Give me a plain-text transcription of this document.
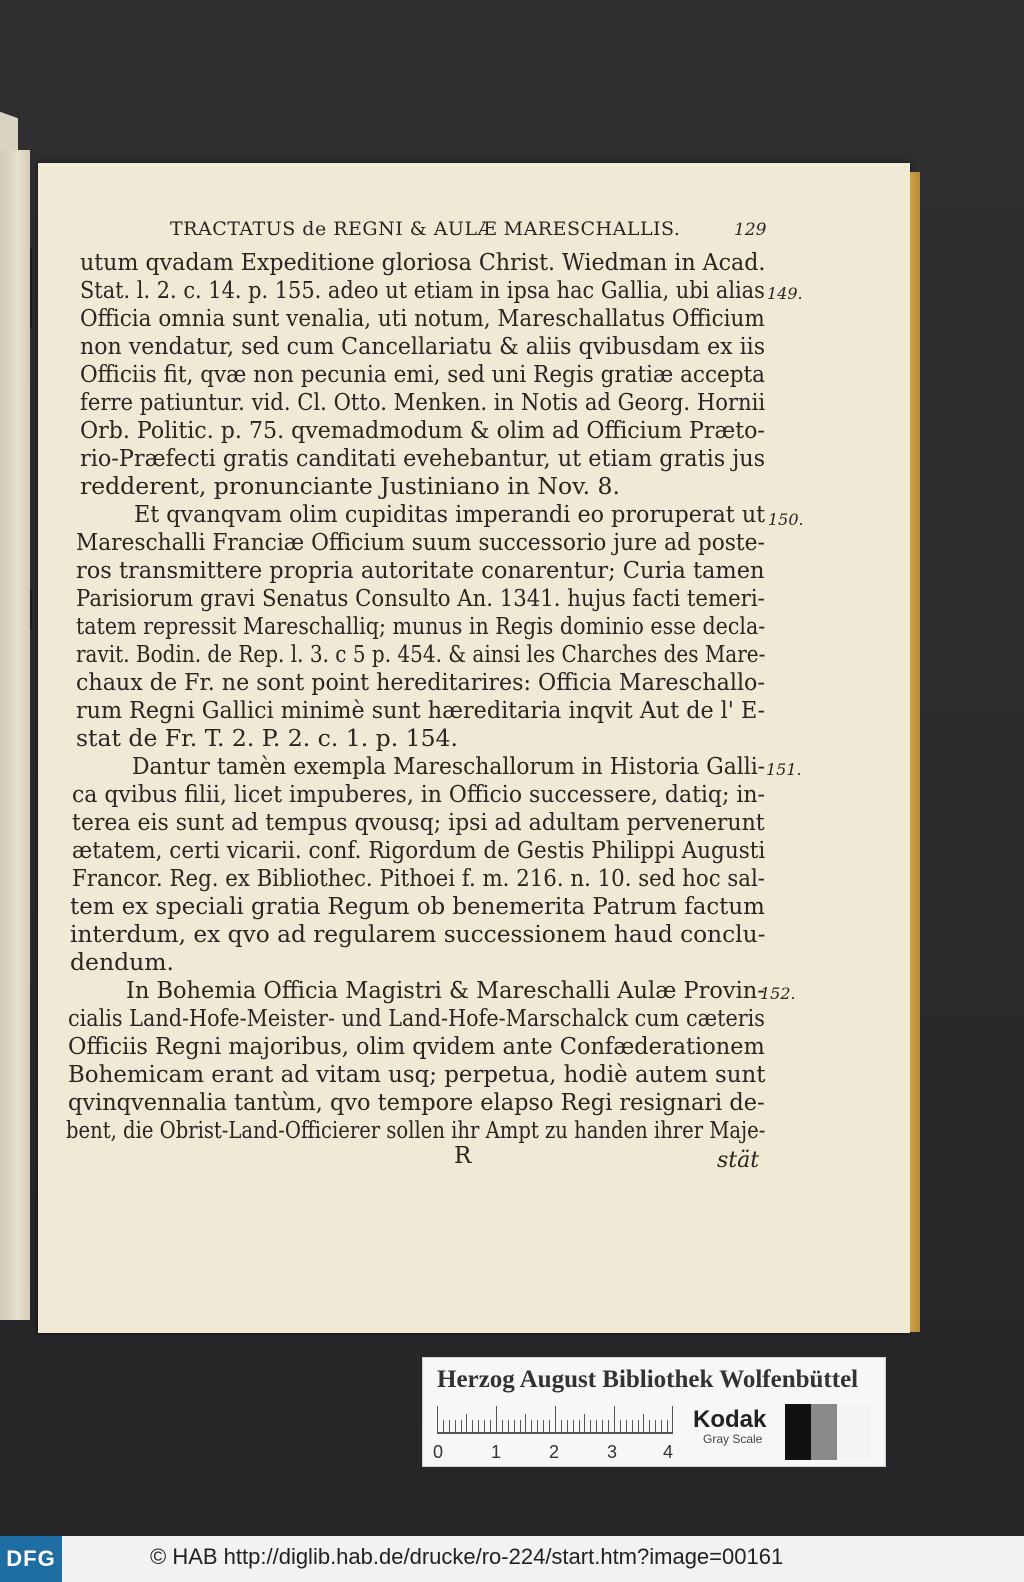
TRACTATUS de REGNI & AULÆ MARESCHALLIS.	129
utum qvadam Expeditione gloriosa Christ. Wiedman in Acad.
Stat. l. 2. c. 14. p. 155. adeo ut etiam in ipsa hac Gallia, ubi alias
Officia omnia sunt venalia, uti notum, Mareschallatus Officium
non vendatur, sed cum Cancellariatu & aliis qvibusdam ex iis
Officiis fit, qvæ non pecunia emi, sed uni Regis gratiæ accepta
ferre patiuntur. vid. Cl. Otto. Menken. in Notis ad Georg. Hornii
Orb. Politic. p. 75. qvemadmodum & olim ad Officium Præto-
rio-Præfecti gratis canditati evehebantur, ut etiam gratis jus
redderent, pronunciante Justiniano in Nov. 8.
Et qvanqvam olim cupiditas imperandi eo proruperat ut
Mareschalli Franciæ Officium suum successorio jure ad poste-
ros transmittere propria autoritate conarentur; Curia tamen
Parisiorum gravi Senatus Consulto An. 1341. hujus facti temeri-
tatem repressit Mareschalliq; munus in Regis dominio esse decla-
ravit. Bodin. de Rep. l. 3. c 5 p. 454. & ainsi les Charches des Mare-
chaux de Fr. ne sont point hereditarires: Officia Mareschallo-
rum Regni Gallici minimè sunt hæreditaria inqvit Aut de l' E-
stat de Fr. T. 2. P. 2. c. 1. p. 154.
Dantur tamèn exempla Mareschallorum in Historia Galli-
ca qvibus filii, licet impuberes, in Officio successere, datiq; in-
terea eis sunt ad tempus qvousq; ipsi ad adultam pervenerunt
ætatem, certi vicarii. conf. Rigordum de Gestis Philippi Augusti
Francor. Reg. ex Bibliothec. Pithoei f. m. 216. n. 10. sed hoc sal-
tem ex speciali gratia Regum ob benemerita Patrum factum
interdum, ex qvo ad regularem successionem haud conclu-
dendum.
In Bohemia Officia Magistri & Mareschalli Aulæ Provin-
cialis Land-Hofe-Meister- und Land-Hofe-Marschalck cum cæteris
Officiis Regni majoribus, olim qvidem ante Confæderationem
Bohemicam erant ad vitam usq; perpetua, hodiè autem sunt
qvinqvennalia tantùm, qvo tempore elapso Regi resignari de-
bent, die Obrist-Land-Officierer sollen ihr Ampt zu handen ihrer Maje-
149.
150.
151.
152.
R	stät
Herzog August Bibliothek Wolfenbüttel
0	1	2	3	4
Kodak
Gray Scale
DFG	© HAB http://diglib.hab.de/drucke/ro-224/start.htm?image=00161
